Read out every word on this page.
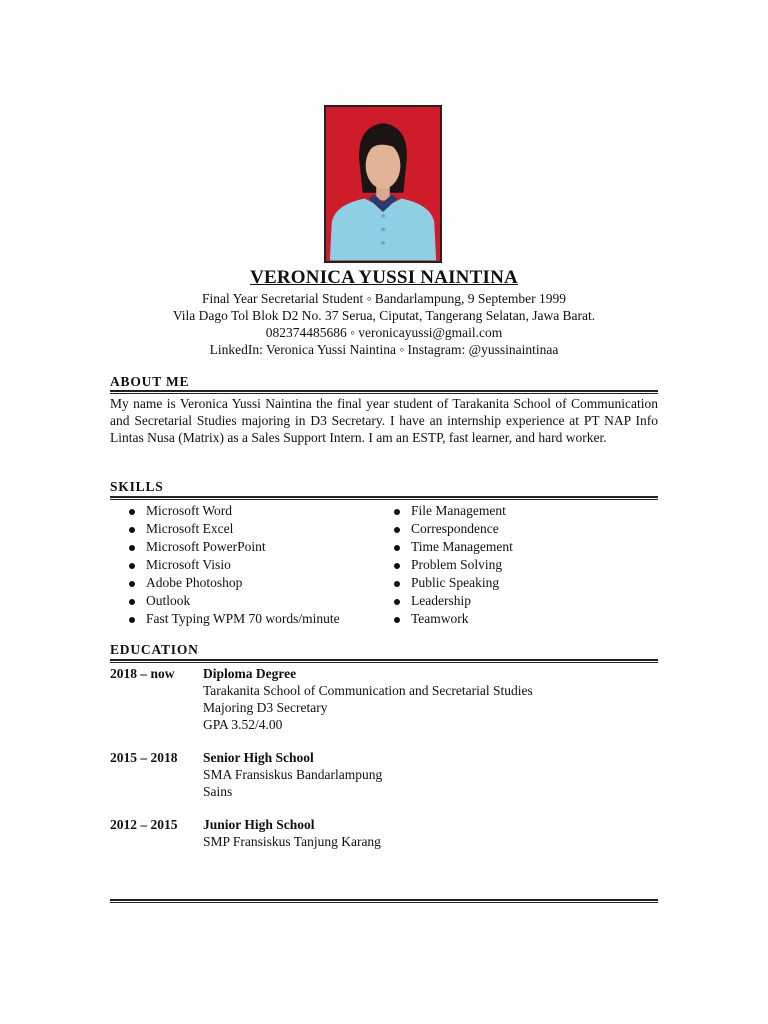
VERONICA YUSSI NAINTINA
Final Year Secretarial Student ◦ Bandarlampung, 9 September 1999
Vila Dago Tol Blok D2 No. 37 Serua, Ciputat, Tangerang Selatan, Jawa Barat.
082374485686 ◦ veronicayussi@gmail.com
LinkedIn: Veronica Yussi Naintina ◦ Instagram: @yussinaintinaa
ABOUT ME
My name is Veronica Yussi Naintina the final year student of Tarakanita School of Communication and Secretarial Studies majoring in D3 Secretary. I have an internship experience at PT NAP Info Lintas Nusa (Matrix) as a Sales Support Intern. I am an ESTP, fast learner, and hard worker.
SKILLS
Microsoft Word
Microsoft Excel
Microsoft PowerPoint
Microsoft Visio
Adobe Photoshop
Outlook
Fast Typing WPM 70 words/minute
File Management
Correspondence
Time Management
Problem Solving
Public Speaking
Leadership
Teamwork
EDUCATION
2018 – now Diploma Degree
Tarakanita School of Communication and Secretarial Studies
Majoring D3 Secretary
GPA 3.52/4.00
2015 – 2018 Senior High School
SMA Fransiskus Bandarlampung
Sains
2012 – 2015 Junior High School
SMP Fransiskus Tanjung Karang
